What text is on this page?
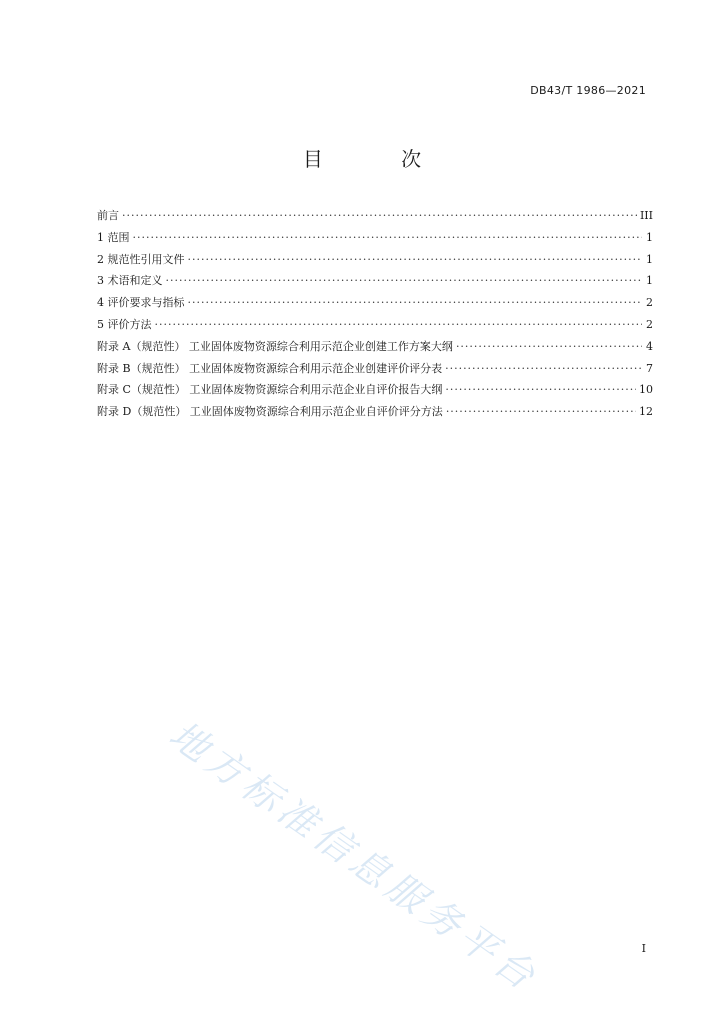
DB43/T 1986—2021
目 次
前言 ·····	III
1 范围 ·····	1
2 规范性引用文件 ·····	1
3 术语和定义 ·····	1
4 评价要求与指标 ·····	2
5 评价方法 ·····	2
附录 A（规范性） 工业固体废物资源综合利用示范企业创建工作方案大纲 ·····	4
附录 B（规范性） 工业固体废物资源综合利用示范企业创建评价评分表 ·····	7
附录 C（规范性） 工业固体废物资源综合利用示范企业自评价报告大纲 ·····	10
附录 D（规范性） 工业固体废物资源综合利用示范企业自评价评分方法 ·····	12
地方标准信息服务平台	I
